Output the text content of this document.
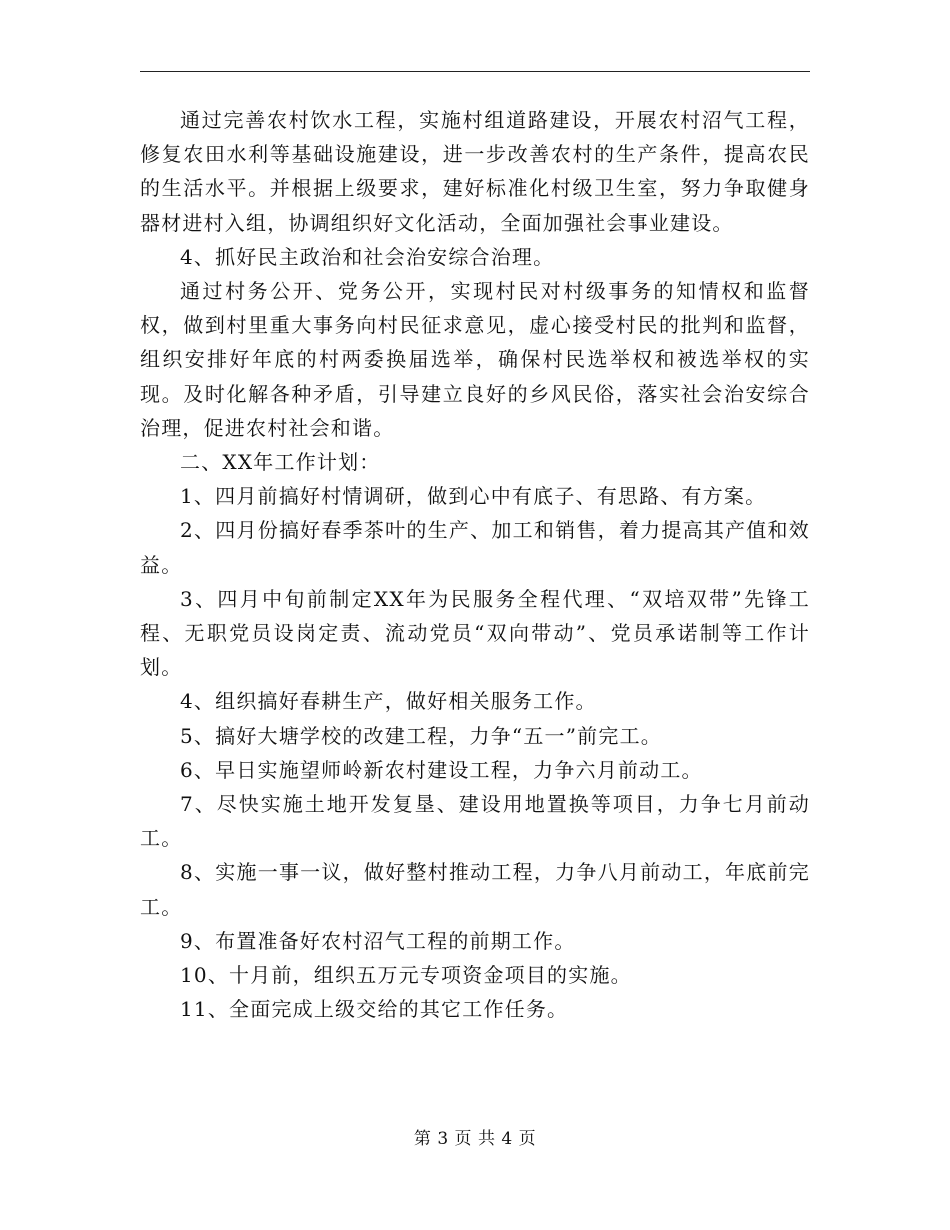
通过完善农村饮水工程，实施村组道路建设，开展农村沼气工程，修复农田水利等基础设施建设，进一步改善农村的生产条件，提高农民的生活水平。并根据上级要求，建好标准化村级卫生室，努力争取健身器材进村入组，协调组织好文化活动，全面加强社会事业建设。

4、抓好民主政治和社会治安综合治理。

通过村务公开、党务公开，实现村民对村级事务的知情权和监督权，做到村里重大事务向村民征求意见，虚心接受村民的批判和监督，组织安排好年底的村两委换届选举，确保村民选举权和被选举权的实现。及时化解各种矛盾，引导建立良好的乡风民俗，落实社会治安综合治理，促进农村社会和谐。

二、XX年工作计划：

1、四月前搞好村情调研，做到心中有底子、有思路、有方案。

2、四月份搞好春季茶叶的生产、加工和销售，着力提高其产值和效益。

3、四月中旬前制定XX年为民服务全程代理、“双培双带”先锋工程、无职党员设岗定责、流动党员“双向带动”、党员承诺制等工作计划。

4、组织搞好春耕生产，做好相关服务工作。

5、搞好大塘学校的改建工程，力争“五一”前完工。

6、早日实施望师岭新农村建设工程，力争六月前动工。

7、尽快实施土地开发复垦、建设用地置换等项目，力争七月前动工。

8、实施一事一议，做好整村推动工程，力争八月前动工，年底前完工。

9、布置准备好农村沼气工程的前期工作。

10、十月前，组织五万元专项资金项目的实施。

11、全面完成上级交给的其它工作任务。

第 3 页 共 4 页
